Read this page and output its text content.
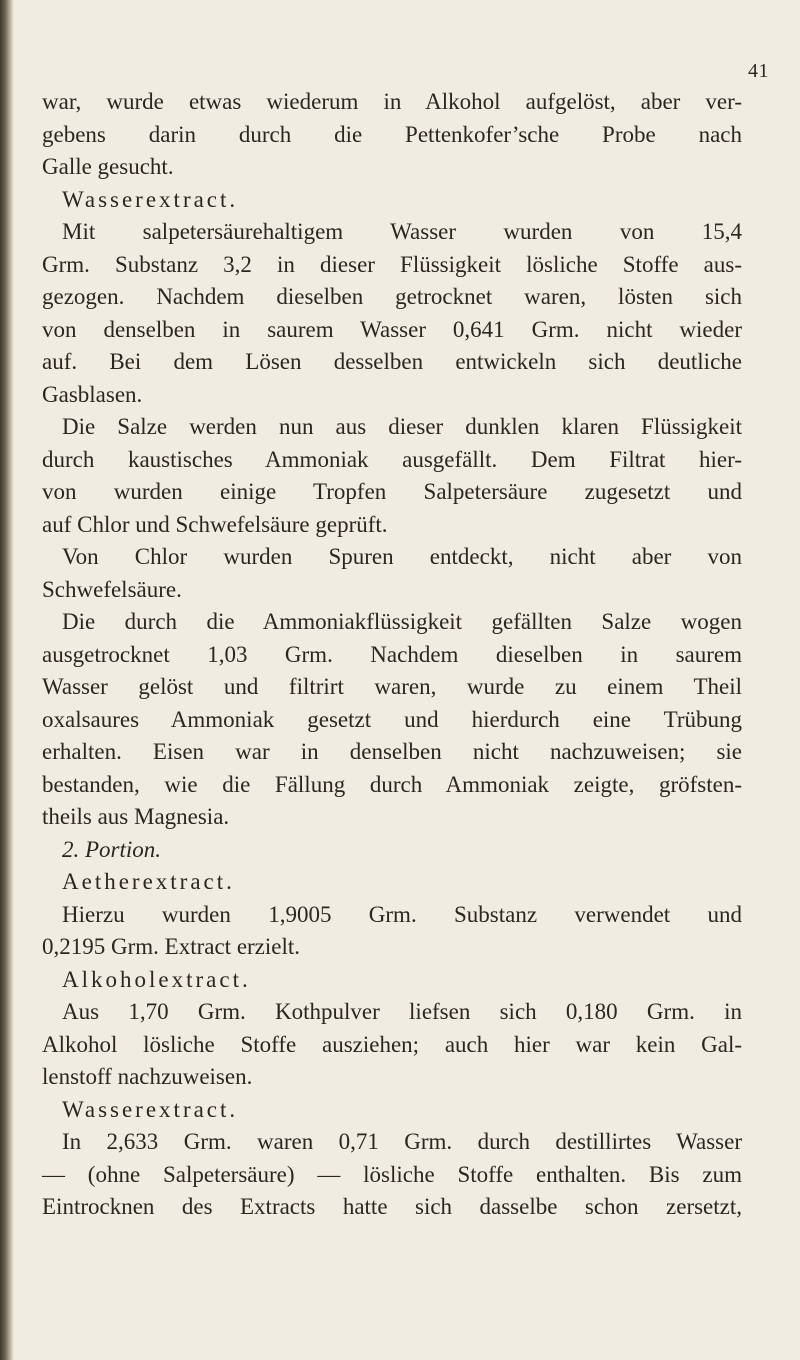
41
war, wurde etwas wiederum in Alkohol aufgelöst, aber ver-
gebens darin durch die Pettenkofer’sche Probe nach
Galle gesucht.
Wasserextract.
Mit salpetersäurehaltigem Wasser wurden von 15,4
Grm. Substanz 3,2 in dieser Flüssigkeit lösliche Stoffe aus-
gezogen. Nachdem dieselben getrocknet waren, lösten sich
von denselben in saurem Wasser 0,641 Grm. nicht wieder
auf. Bei dem Lösen desselben entwickeln sich deutliche
Gasblasen.
Die Salze werden nun aus dieser dunklen klaren Flüssigkeit
durch kaustisches Ammoniak ausgefällt. Dem Filtrat hier-
von wurden einige Tropfen Salpetersäure zugesetzt und
auf Chlor und Schwefelsäure geprüft.
Von Chlor wurden Spuren entdeckt, nicht aber von
Schwefelsäure.
Die durch die Ammoniakflüssigkeit gefällten Salze wogen
ausgetrocknet 1,03 Grm. Nachdem dieselben in saurem
Wasser gelöst und filtrirt waren, wurde zu einem Theil
oxalsaures Ammoniak gesetzt und hierdurch eine Trübung
erhalten. Eisen war in denselben nicht nachzuweisen; sie
bestanden, wie die Fällung durch Ammoniak zeigte, gröfsten-
theils aus Magnesia.
2. Portion.
Aetherextract.
Hierzu wurden 1,9005 Grm. Substanz verwendet und
0,2195 Grm. Extract erzielt.
Alkoholextract.
Aus 1,70 Grm. Kothpulver liefsen sich 0,180 Grm. in
Alkohol lösliche Stoffe ausziehen; auch hier war kein Gal-
lenstoff nachzuweisen.
Wasserextract.
In 2,633 Grm. waren 0,71 Grm. durch destillirtes Wasser
— (ohne Salpetersäure) — lösliche Stoffe enthalten. Bis zum
Eintrocknen des Extracts hatte sich dasselbe schon zersetzt,
